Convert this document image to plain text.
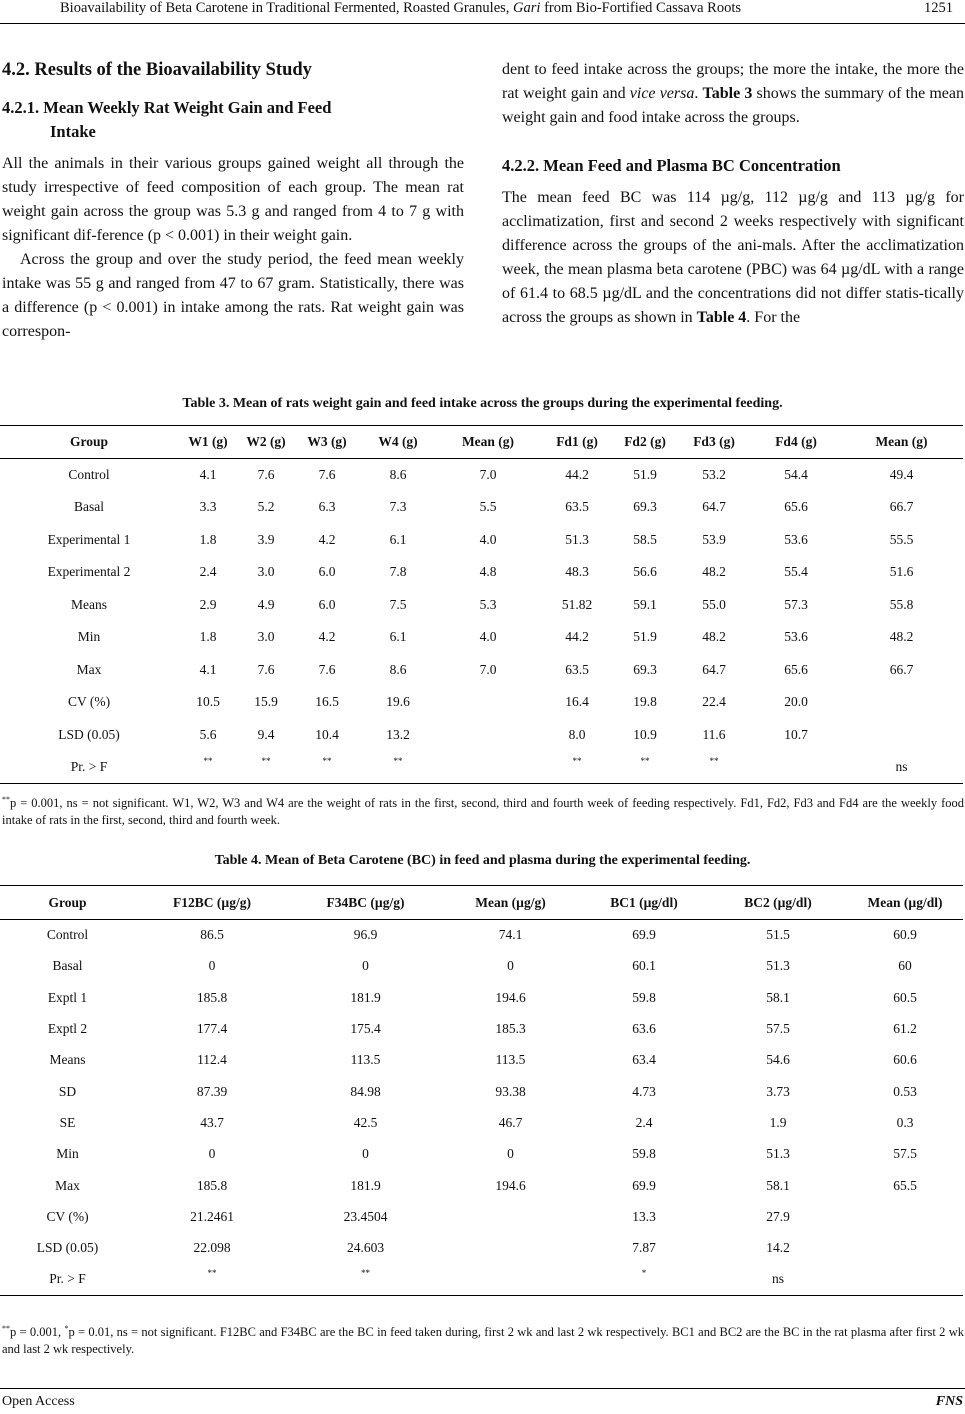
Bioavailability of Beta Carotene in Traditional Fermented, Roasted Granules, Gari from Bio-Fortified Cassava Roots	1251
4.2. Results of the Bioavailability Study
4.2.1. Mean Weekly Rat Weight Gain and Feed
Intake

All the animals in their various groups gained weight all through the study irrespective of feed composition of each group. The mean rat weight gain across the group was 5.3 g and ranged from 4 to 7 g with significant dif-ference (p < 0.001) in their weight gain.

Across the group and over the study period, the feed mean weekly intake was 55 g and ranged from 47 to 67 gram. Statistically, there was a difference (p < 0.001) in intake among the rats. Rat weight gain was correspon-

dent to feed intake across the groups; the more the intake, the more the rat weight gain and vice versa. Table 3 shows the summary of the mean weight gain and food intake across the groups.

4.2.2. Mean Feed and Plasma BC Concentration

The mean feed BC was 114 µg/g, 112 µg/g and 113 µg/g for acclimatization, first and second 2 weeks respectively with significant difference across the groups of the ani-mals. After the acclimatization week, the mean plasma beta carotene (PBC) was 64 µg/dL with a range of 61.4 to 68.5 µg/dL and the concentrations did not differ statis-tically across the groups as shown in Table 4. For the

Table 3. Mean of rats weight gain and feed intake across the groups during the experimental feeding.
Group	W1 (g)	W2 (g)	W3 (g)	W4 (g)	Mean (g)	Fd1 (g)	Fd2 (g)	Fd3 (g)	Fd4 (g)	Mean (g)
Control	4.1	7.6	7.6	8.6	7.0	44.2	51.9	53.2	54.4	49.4
Basal	3.3	5.2	6.3	7.3	5.5	63.5	69.3	64.7	65.6	66.7
Experimental 1	1.8	3.9	4.2	6.1	4.0	51.3	58.5	53.9	53.6	55.5
Experimental 2	2.4	3.0	6.0	7.8	4.8	48.3	56.6	48.2	55.4	51.6
Means	2.9	4.9	6.0	7.5	5.3	51.82	59.1	55.0	57.3	55.8
Min	1.8	3.0	4.2	6.1	4.0	44.2	51.9	48.2	53.6	48.2
Max	4.1	7.6	7.6	8.6	7.0	63.5	69.3	64.7	65.6	66.7
CV (%)	10.5	15.9	16.5	19.6		16.4	19.8	22.4	20.0	
LSD (0.05)	5.6	9.4	10.4	13.2		8.0	10.9	11.6	10.7	
Pr. > F	**	**	**	**		**	**	**		ns
**p = 0.001, ns = not significant. W1, W2, W3 and W4 are the weight of rats in the first, second, third and fourth week of feeding respectively. Fd1, Fd2, Fd3 and Fd4 are the weekly food intake of rats in the first, second, third and fourth week.
Table 4. Mean of Beta Carotene (BC) in feed and plasma during the experimental feeding.
Group	F12BC (µg/g)	F34BC (µg/g)	Mean (µg/g)	BC1 (µg/dl)	BC2 (µg/dl)	Mean (µg/dl)
Control	86.5	96.9	74.1	69.9	51.5	60.9
Basal	0	0	0	60.1	51.3	60
Exptl 1	185.8	181.9	194.6	59.8	58.1	60.5
Exptl 2	177.4	175.4	185.3	63.6	57.5	61.2
Means	112.4	113.5	113.5	63.4	54.6	60.6
SD	87.39	84.98	93.38	4.73	3.73	0.53
SE	43.7	42.5	46.7	2.4	1.9	0.3
Min	0	0	0	59.8	51.3	57.5
Max	185.8	181.9	194.6	69.9	58.1	65.5
CV (%)	21.2461	23.4504		13.3	27.9	
LSD (0.05)	22.098	24.603		7.87	14.2	
Pr. > F	**	**		*	ns	
**p = 0.001, *p = 0.01, ns = not significant. F12BC and F34BC are the BC in feed taken during, first 2 wk and last 2 wk respectively. BC1 and BC2 are the BC in the rat plasma after first 2 wk and last 2 wk respectively.
Open Access	FNS
